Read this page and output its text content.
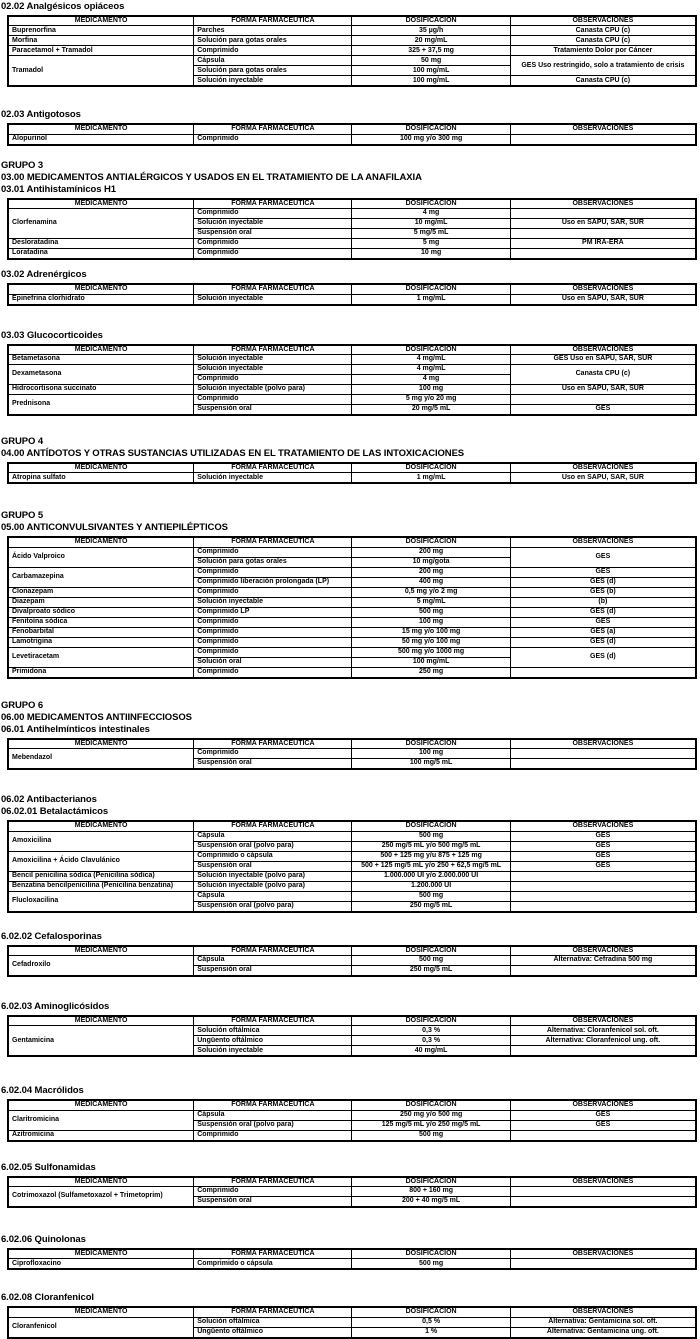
02.02 Analgésicos opiáceos
MEDICAMENTO	FORMA FARMACÉUTICA	DOSIFICACIÓN	OBSERVACIONES
Buprenorfina	Parches	35 µg/h	Canasta CPU (c)
Morfina	Solución para gotas orales	20 mg/mL	Canasta CPU (c)
Paracetamol + Tramadol	Comprimido	325 + 37,5 mg	Tratamiento Dolor por Cáncer
Tramadol	Cápsula	50 mg	GES Uso restringido, solo a tratamiento de crisis
	Solución para gotas orales	100 mg/mL	
	Solución inyectable	100 mg/mL	Canasta CPU (c)
02.03 Antigotosos
MEDICAMENTO	FORMA FARMACÉUTICA	DOSIFICACIÓN	OBSERVACIONES
Alopurinol	Comprimido	100 mg y/o 300 mg	
GRUPO 3
03.00 MEDICAMENTOS ANTIALÉRGICOS Y USADOS EN EL TRATAMIENTO DE LA ANAFILAXIA
03.01 Antihistamínicos H1
MEDICAMENTO	FORMA FARMACÉUTICA	DOSIFICACIÓN	OBSERVACIONES
Clorfenamina	Comprimido	4 mg	
	Solución inyectable	10 mg/mL	Uso en SAPU, SAR, SUR
	Suspensión oral	5 mg/5 mL	
Desloratadina	Comprimido	5 mg	PM IRA-ERA
Loratadina	Comprimido	10 mg	
03.02 Adrenérgicos
MEDICAMENTO	FORMA FARMACÉUTICA	DOSIFICACIÓN	OBSERVACIONES
Epinefrina clorhidrato	Solución inyectable	1 mg/mL	Uso en SAPU, SAR, SUR
03.03 Glucocorticoides
MEDICAMENTO	FORMA FARMACÉUTICA	DOSIFICACIÓN	OBSERVACIONES
Betametasona	Solución inyectable	4 mg/mL	GES Uso en SAPU, SAR, SUR
Dexametasona	Solución inyectable	4 mg/mL	Canasta CPU (c)
	Comprimido	4 mg	
Hidrocortisona succinato	Solución inyectable (polvo para)	100 mg	Uso en SAPU, SAR, SUR
Prednisona	Comprimido	5 mg y/o 20 mg	
	Suspensión oral	20 mg/5 mL	GES
GRUPO 4
04.00 ANTÍDOTOS Y OTRAS SUSTANCIAS UTILIZADAS EN EL TRATAMIENTO DE LAS INTOXICACIONES
MEDICAMENTO	FORMA FARMACÉUTICA	DOSIFICACIÓN	OBSERVACIONES
Atropina sulfato	Solución inyectable	1 mg/mL	Uso en SAPU, SAR, SUR
GRUPO 5
05.00 ANTICONVULSIVANTES Y ANTIEPILÉPTICOS
MEDICAMENTO	FORMA FARMACÉUTICA	DOSIFICACIÓN	OBSERVACIONES
Ácido Valproico	Comprimido	200 mg	GES
	Solución para gotas orales	10 mg/gota	
Carbamazepina	Comprimido	200 mg	GES
	Comprimido liberación prolongada (LP)	400 mg	GES (d)
Clonazepam	Comprimido	0,5 mg y/o 2 mg	GES (b)
Diazepam	Solución inyectable	5 mg/mL	(b)
Divalproato sódico	Comprimido LP	500 mg	GES (d)
Fenitoína sódica	Comprimido	100 mg	GES
Fenobarbital	Comprimido	15 mg y/o 100 mg	GES (a)
Lamotrigina	Comprimido	50 mg y/o 100 mg	GES (d)
Levetiracetam	Comprimido	500 mg y/o 1000 mg	GES (d)
	Solución oral	100 mg/mL	
Primidona	Comprimido	250 mg	
GRUPO 6
06.00 MEDICAMENTOS ANTIINFECCIOSOS
06.01 Antihelmínticos intestinales
MEDICAMENTO	FORMA FARMACÉUTICA	DOSIFICACIÓN	OBSERVACIONES
Mebendazol	Comprimido	100 mg	
	Suspensión oral	100 mg/5 mL	
06.02 Antibacterianos
06.02.01 Betalactámicos
MEDICAMENTO	FORMA FARMACÉUTICA	DOSIFICACIÓN	OBSERVACIONES
Amoxicilina	Cápsula	500 mg	GES
	Suspensión oral (polvo para)	250 mg/5 mL y/o 500 mg/5 mL	GES
Amoxicilina + Ácido Clavulánico	Comprimido o cápsula	500 + 125 mg y/u 875 + 125 mg	GES
	Suspensión oral	500 + 125 mg/5 mL y/o 250 + 62,5 mg/5 mL	GES
Bencil penicilina sódica (Penicilina sódica)	Solución inyectable (polvo para)	1.000.000 UI y/o 2.000.000 UI	
Benzatina bencilpenicilina (Penicilina benzatina)	Solución inyectable (polvo para)	1.200.000 UI	
Flucloxacilina	Cápsula	500 mg	
	Suspensión oral (polvo para)	250 mg/5 mL	
6.02.02 Cefalosporinas
MEDICAMENTO	FORMA FARMACÉUTICA	DOSIFICACIÓN	OBSERVACIONES
Cefadroxilo	Cápsula	500 mg	Alternativa: Cefradina 500 mg
	Suspensión oral	250 mg/5 mL	
6.02.03 Aminoglicósidos
MEDICAMENTO	FORMA FARMACÉUTICA	DOSIFICACIÓN	OBSERVACIONES
Gentamicina	Solución oftálmica	0,3 %	Alternativa: Cloranfenicol sol. oft.
	Ungüento oftálmico	0,3 %	Alternativa: Cloranfenicol ung. oft.
	Solución inyectable	40 mg/mL	
6.02.04 Macrólidos
MEDICAMENTO	FORMA FARMACÉUTICA	DOSIFICACIÓN	OBSERVACIONES
Claritromicina	Cápsula	250 mg y/o 500 mg	GES
	Suspensión oral (polvo para)	125 mg/5 mL y/o 250 mg/5 mL	GES
Azitromicina	Comprimido	500 mg	
6.02.05 Sulfonamidas
MEDICAMENTO	FORMA FARMACÉUTICA	DOSIFICACIÓN	OBSERVACIONES
Cotrimoxazol (Sulfametoxazol + Trimetoprim)	Comprimido	800 + 160 mg	
	Suspensión oral	200 + 40 mg/5 mL	
6.02.06 Quinolonas
MEDICAMENTO	FORMA FARMACÉUTICA	DOSIFICACIÓN	OBSERVACIONES
Ciprofloxacino	Comprimido o cápsula	500 mg	
6.02.08 Cloranfenicol
MEDICAMENTO	FORMA FARMACÉUTICA	DOSIFICACIÓN	OBSERVACIONES
Cloranfenicol	Solución oftálmica	0,5 %	Alternativa: Gentamicina sol. oft.
	Ungüento oftálmico	1 %	Alternativa: Gentamicina ung. oft.
